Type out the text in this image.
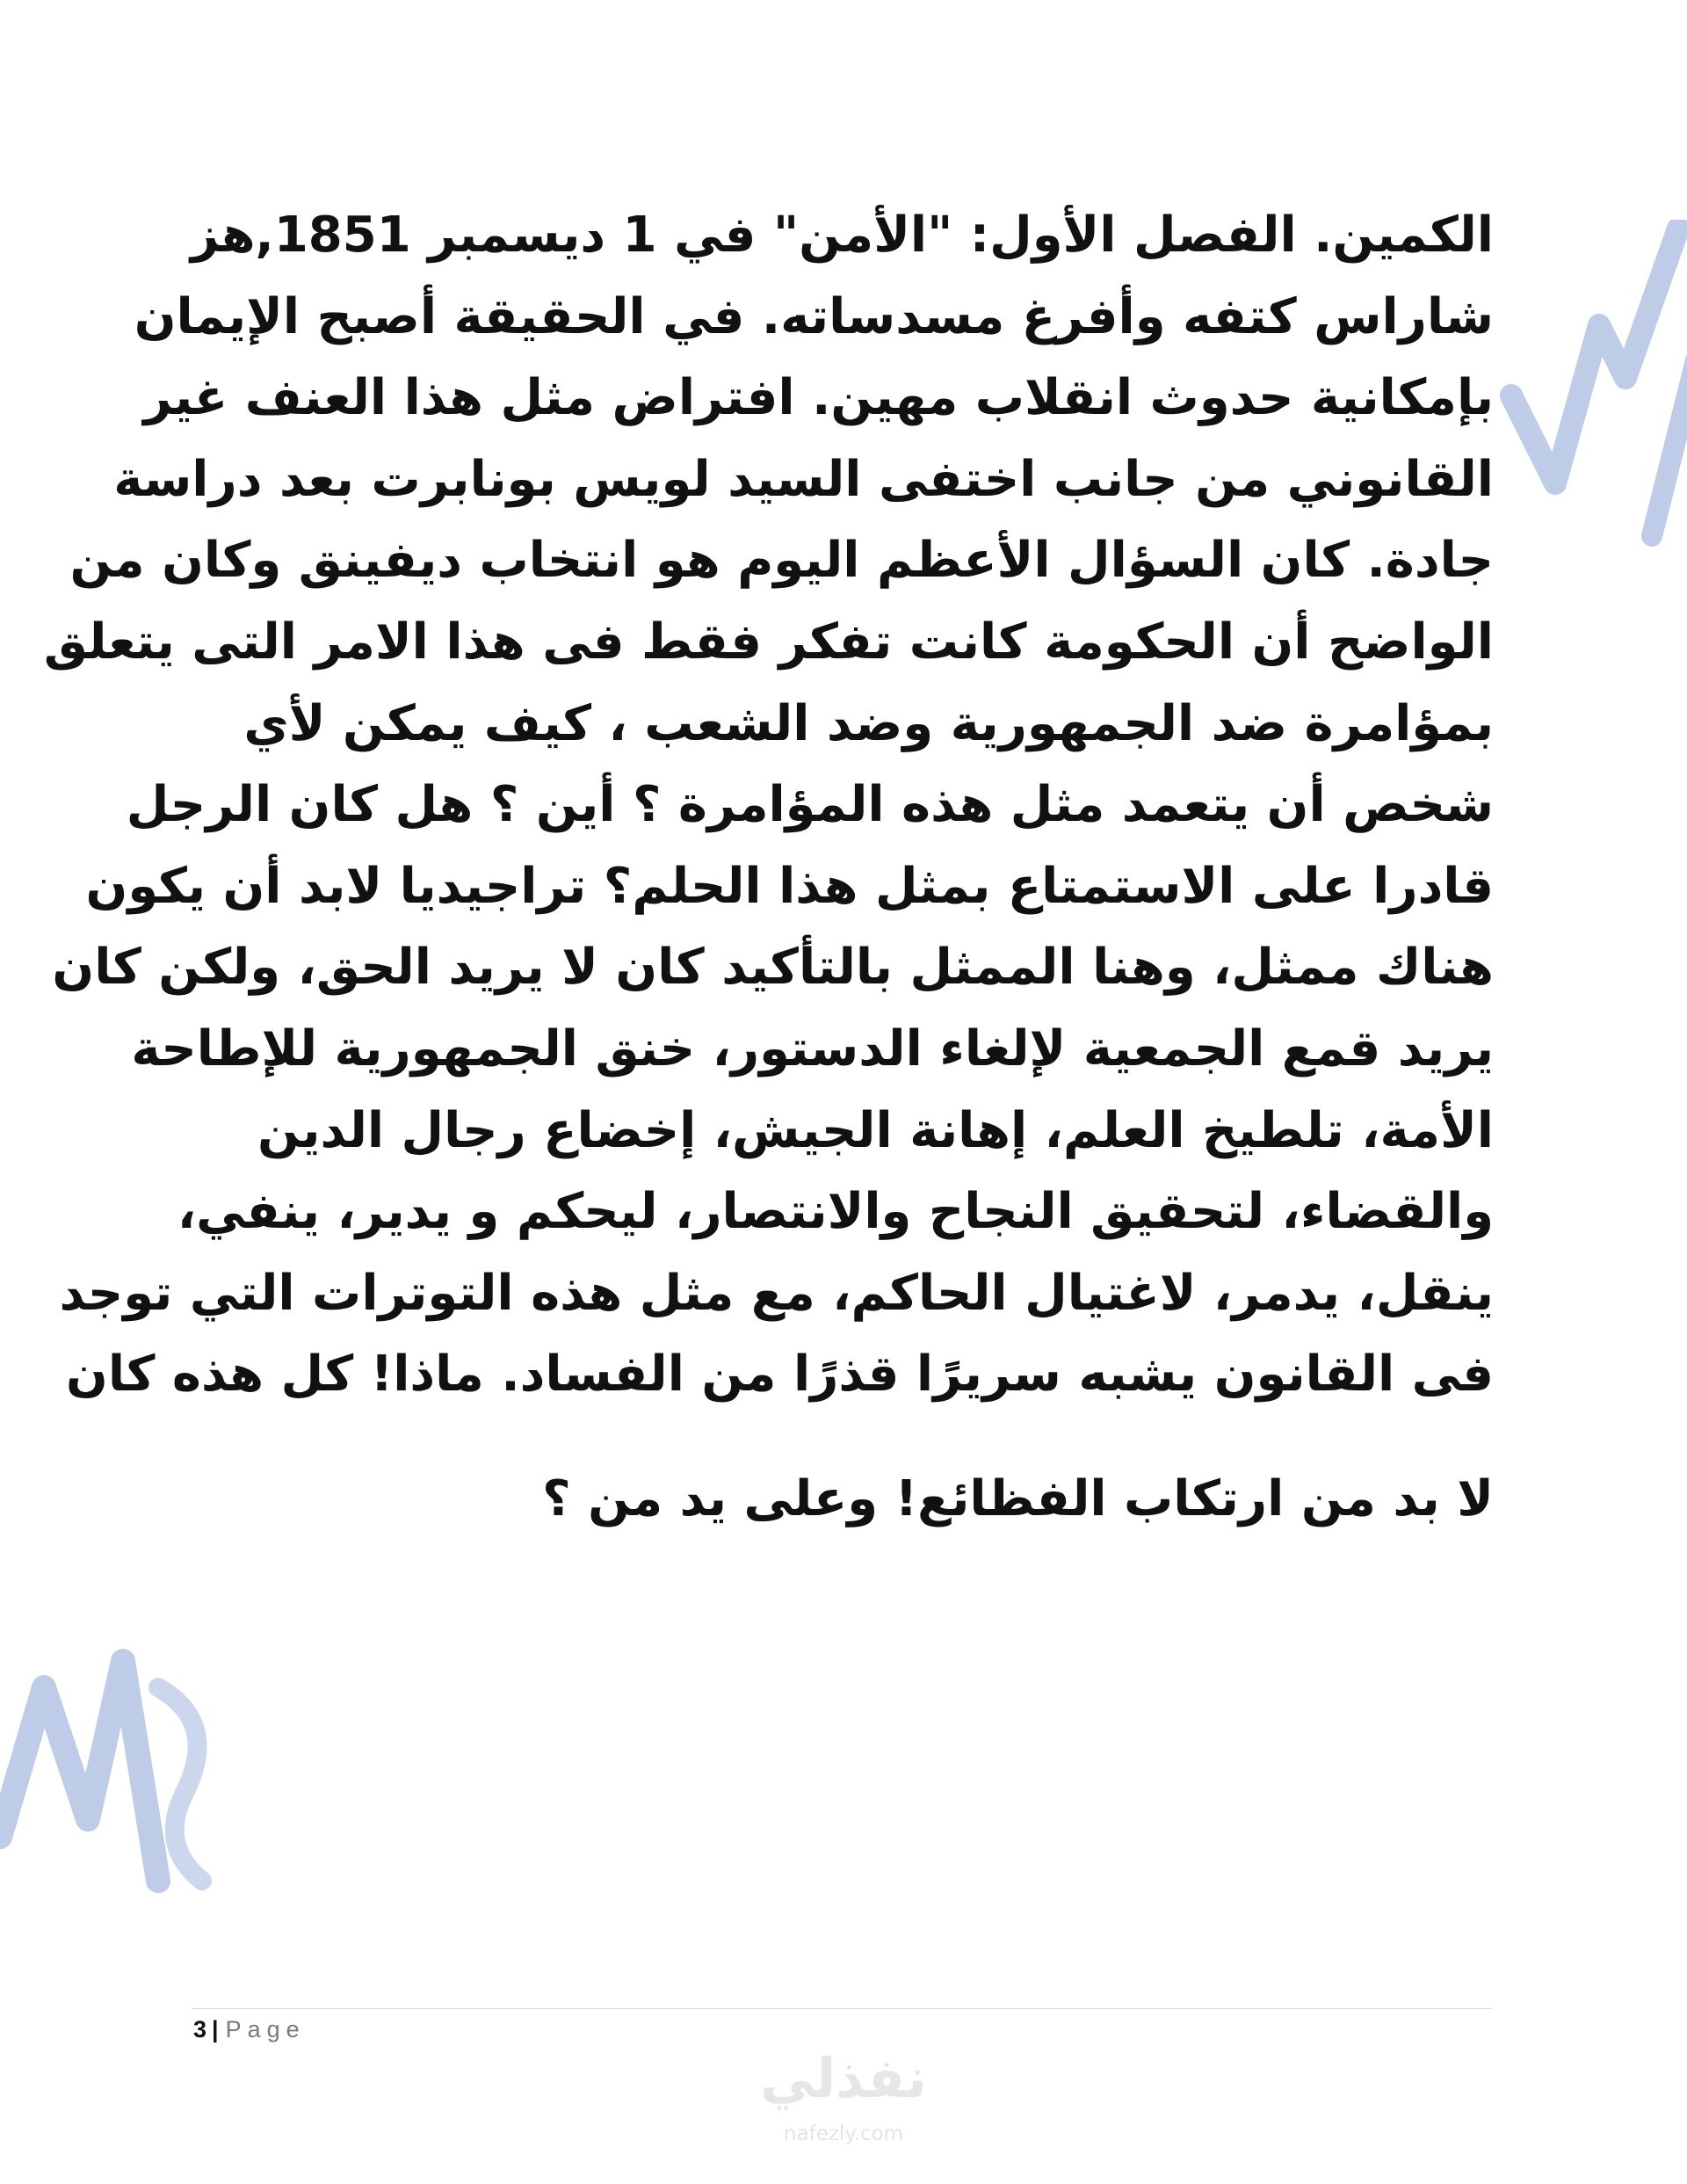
الكمين. الفصل الأول: "الأمن" في 1 ديسمبر 1851,هز
شاراس كتفه وأفرغ مسدساته. في الحقيقة أصبح الإيمان
بإمكانية حدوث انقلاب مهين. افتراض مثل هذا العنف غير
القانوني من جانب اختفى السيد لويس بونابرت بعد دراسة
جادة. كان السؤال الأعظم اليوم هو انتخاب ديفينق وكان من
الواضح أن الحكومة كانت تفكر فقط فى هذا الامر التى يتعلق
بمؤامرة ضد الجمهورية وضد الشعب ، كيف يمكن لأي
شخص أن يتعمد مثل هذه المؤامرة ؟ أين ؟ هل كان الرجل
قادرا على الاستمتاع بمثل هذا الحلم؟ تراجيديا لابد أن يكون
هناك ممثل، وهنا الممثل بالتأكيد كان لا يريد الحق، ولكن كان
يريد قمع الجمعية لإلغاء الدستور، خنق الجمهورية للإطاحة
الأمة، تلطيخ العلم، إهانة الجيش، إخضاع رجال الدين
والقضاء، لتحقيق النجاح والانتصار، ليحكم و يدير، ينفي،
ينقل، يدمر، لاغتيال الحاكم، مع مثل هذه التوترات التي توجد
فى القانون يشبه سريرًا قذرًا من الفساد. ماذا! كل هذه كان
لا بد من ارتكاب الفظائع! وعلى يد من ؟
3 | Page
نفذلي
nafezly.com
